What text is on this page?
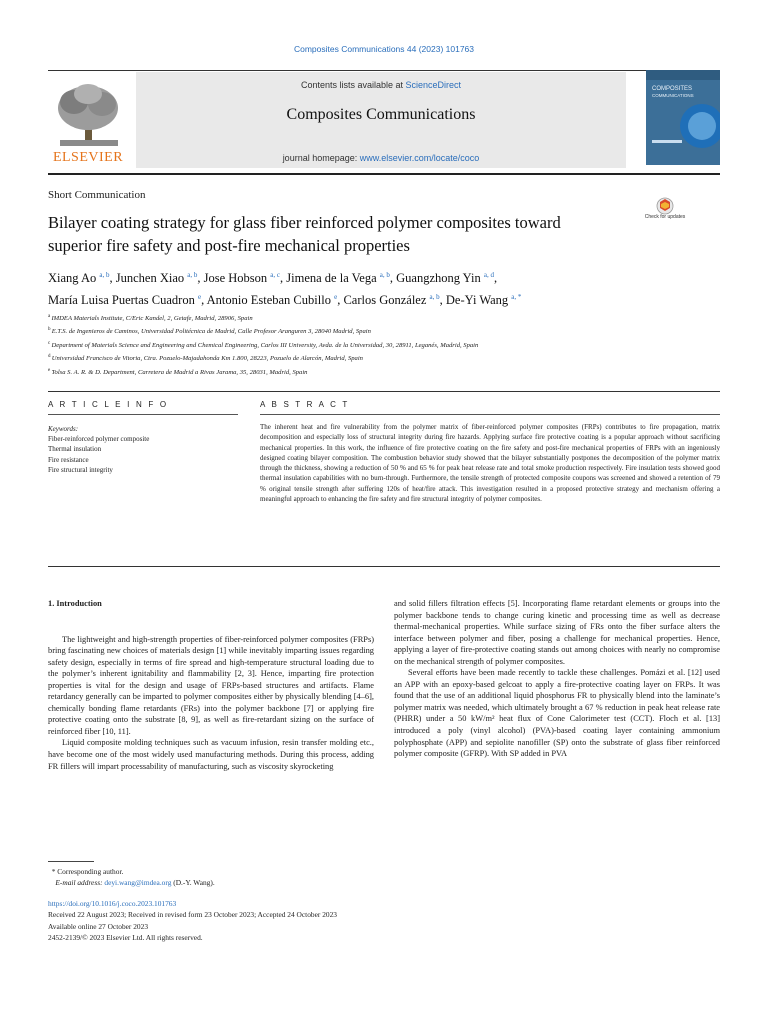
Composites Communications 44 (2023) 101763
Contents lists available at ScienceDirect
Composites Communications
journal homepage: www.elsevier.com/locate/coco
ELSEVIER
COMPOSITES
COMMUNICATIONS
Short Communication
Bilayer coating strategy for glass fiber reinforced polymer composites toward superior fire safety and post-fire mechanical properties
Check for updates
Xiang Ao $^{a, b}$, Junchen Xiao $^{a, b}$, Jose Hobson $^{a, c}$, Jimena de la Vega $^{a, b}$, Guangzhong Yin $^{a, d}$,
María Luisa Puertas Cuadron $^e$, Antonio Esteban Cubillo $^e$, Carlos González $^{a, b}$, De-Yi Wang $^{a, *}$
$^a$ IMDEA Materials Institute, C/Eric Kandel, 2, Getafe, Madrid, 28906, Spain
$^b$ E.T.S. de Ingenieros de Caminos, Universidad Politécnica de Madrid, Calle Profesor Aranguren 3, 28040 Madrid, Spain
$^c$ Department of Materials Science and Engineering and Chemical Engineering, Carlos III University, Avda. de la Universidad, 30, 28911, Leganés, Madrid, Spain
$^d$ Universidad Francisco de Vitoria, Ctra. Pozuelo-Majadahonda Km 1.800, 28223, Pozuelo de Alarcón, Madrid, Spain
$^e$ Tolsa S. A. R. & D. Department, Carretera de Madrid a Rivas Jarama, 35, 28031, Madrid, Spain
A R T I C L E I N F O	A B S T R A C T
Keywords:
Fiber-reinforced polymer composite
Thermal insulation
Fire resistance
Fire structural integrity
The inherent heat and fire vulnerability from the polymer matrix of fiber-reinforced polymer composites (FRPs) contributes to fire propagation, matrix decomposition and especially loss of structural integrity during fire hazards. Applying surface fire protective coating is a popular approach without sacrificing mechanical properties. In this work, the influence of fire protective coating on the fire safety and post-fire mechanical properties of FRPs with an ingeniously designed coating bilayer composition. The combustion behavior study showed that the bilayer substantially postpones the decomposition of the polymer matrix through the thickness, showing a reduction of 50 % and 65 % for peak heat release rate and total smoke production respectively. Fire insulation tests showed good thermal insulation capabilities with no burn-through. Furthermore, the tensile strength of protected composite coupons was screened and showed a retention of 79 % original tensile strength after suffering 120s of heat/fire attack. This investigation resulted in a proposed protective strategy and mechanism offering a meaningful approach to enhancing the fire safety and fire structural integrity of polymer composites.

1. Introduction

The lightweight and high-strength properties of fiber-reinforced polymer composites (FRPs) bring fascinating new choices of materials design [1] while inevitably imparting issues regarding safety design, especially in terms of fire spread and high-temperature structural loading due to the polymer’s inherent ignitability and flammability [2, 3]. Hence, imparting fire protection properties is vital for the design and usage of FRPs-based structures and artifacts. Flame retardancy generally can be imparted to polymer composites either by physically blending [4–6], chemically bonding flame retardants (FRs) into the polymer backbone [7] or applying fire protective coating onto the substrate [8, 9], as well as fire-retardant sizing on the surface of reinforced fiber [10, 11].

Liquid composite molding techniques such as vacuum infusion, resin transfer molding etc., have become one of the most widely used manufacturing methods. During this process, adding FR fillers will impart processability of manufacturing, such as viscosity skyrocketing

and solid fillers filtration effects [5]. Incorporating flame retardant elements or groups into the polymer backbone tends to change curing kinetic and processing time as well as decrease thermal-mechanical properties. While surface sizing of FRs onto the fiber surface alters the interface between polymer and fiber, posing a challenge for mechanical properties. Hence, applying a layer of fire-protective coating stands out among choices with nearly no compromise on the mechanical strength of polymer composites.

Several efforts have been made recently to tackle these challenges. Pomázi et al. [12] used an APP with an epoxy-based gelcoat to apply a fire-protective coating layer on FRPs. It was found that the use of an additional liquid phosphorus FR to physically blend into the laminate’s polymer matrix was needed, which ultimately brought a 67 % reduction in peak heat release rate (PHRR) under a 50 kW/m² heat flux of Cone Calorimeter test (CCT). Floch et al. [13] introduced a poly (vinyl alcohol) (PVA)-based coating layer containing ammonium polyphosphate (APP) and sepiolite nanofiller (SP) onto the substrate of glass fiber reinforced polymer composite (GFRP). With SP added in PVA

* Corresponding author.
E-mail address: deyi.wang@imdea.org (D.-Y. Wang).
https://doi.org/10.1016/j.coco.2023.101763
Received 22 August 2023; Received in revised form 23 October 2023; Accepted 24 October 2023
Available online 27 October 2023
2452-2139/© 2023 Elsevier Ltd. All rights reserved.
